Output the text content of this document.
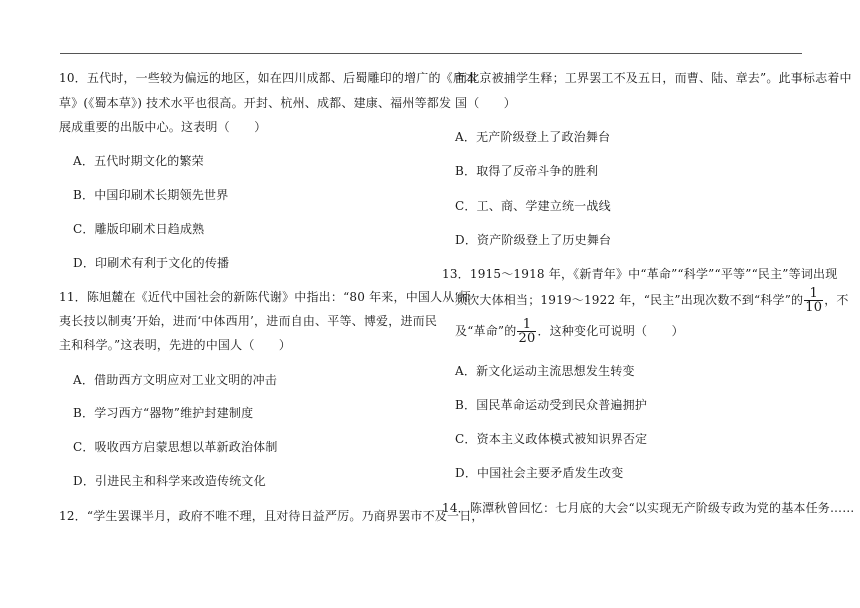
10．五代时，一些较为偏远的地区，如在四川成都、后蜀雕印的增广的《唐本
草》(《蜀本草》) 技术水平也很高。开封、杭州、成都、建康、福州等都发
展成重要的出版中心。这表明（　　）
A．五代时期文化的繁荣
B．中国印刷术长期领先世界
C．雕版印刷术日趋成熟
D．印刷术有利于文化的传播
11．陈旭麓在《近代中国社会的新陈代谢》中指出：“80 年来，中国人从‘师
夷长技以制夷’开始，进而‘中体西用’，进而自由、平等、博爱，进而民
主和科学。”这表明，先进的中国人（　　）
A．借助西方文明应对工业文明的冲击
B．学习西方“器物”维护封建制度
C．吸收西方启蒙思想以革新政治体制
D．引进民主和科学来改造传统文化
12．“学生罢课半月，政府不唯不理，且对待日益严厉。乃商界罢市不及一日，
而北京被捕学生释；工界罢工不及五日，而曹、陆、章去”。此事标志着中
国（　　）
A．无产阶级登上了政治舞台
B．取得了反帝斗争的胜利
C．工、商、学建立统一战线
D．资产阶级登上了历史舞台
13．1915～1918 年，《新青年》中“革命”“科学”“平等”“民主”等词出现
频次大体相当；1919～1922 年，“民主”出现次数不到“科学”的 $\frac{1}{10}$ ，不
及“革命”的 $\frac{1}{20}$ ．这种变化可说明（　　）
A．新文化运动主流思想发生转变
B．国民革命运动受到民众普遍拥护
C．资本主义政体模式被知识界否定
D．中国社会主要矛盾发生改变
14．陈潭秋曾回忆：七月底的大会“以实现无产阶级专政为党的基本任务……
